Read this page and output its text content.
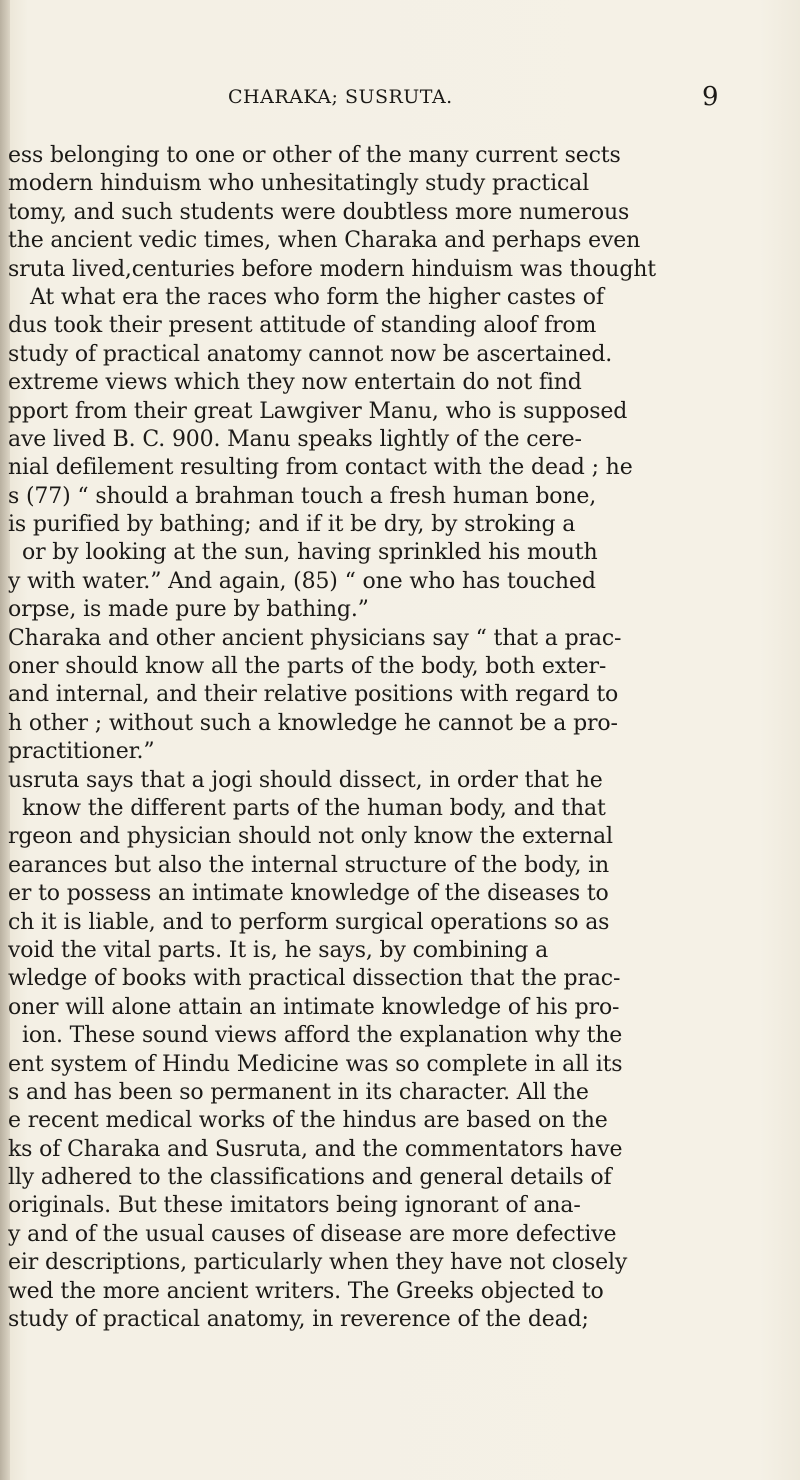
CHARAKA; SUSRUTA.	9
ess belonging to one or other of the many current sects
modern hinduism who unhesitatingly study practical
tomy, and such students were doubtless more numerous
the ancient vedic times, when Charaka and perhaps even
sruta lived,centuries before modern hinduism was thought
At what era the races who form the higher castes of
dus took their present attitude of standing aloof from
study of practical anatomy cannot now be ascertained.
extreme views which they now entertain do not find
pport from their great Lawgiver Manu, who is supposed
ave lived B. C. 900. Manu speaks lightly of the cere-
nial defilement resulting from contact with the dead ; he
s (77) “ should a brahman touch a fresh human bone,
is purified by bathing; and if it be dry, by stroking a
or by looking at the sun, having sprinkled his mouth
y with water.” And again, (85) “ one who has touched
orpse, is made pure by bathing.”
Charaka and other ancient physicians say “ that a prac-
oner should know all the parts of the body, both exter-
and internal, and their relative positions with regard to
h other ; without such a knowledge he cannot be a pro-
practitioner.”
usruta says that a jogi should dissect, in order that he
know the different parts of the human body, and that
rgeon and physician should not only know the external
earances but also the internal structure of the body, in
er to possess an intimate knowledge of the diseases to
ch it is liable, and to perform surgical operations so as
void the vital parts. It is, he says, by combining a
wledge of books with practical dissection that the prac-
oner will alone attain an intimate knowledge of his pro-
ion. These sound views afford the explanation why the
ent system of Hindu Medicine was so complete in all its
s and has been so permanent in its character. All the
e recent medical works of the hindus are based on the
ks of Charaka and Susruta, and the commentators have
lly adhered to the classifications and general details of
originals. But these imitators being ignorant of ana-
y and of the usual causes of disease are more defective
eir descriptions, particularly when they have not closely
wed the more ancient writers. The Greeks objected to
study of practical anatomy, in reverence of the dead;
